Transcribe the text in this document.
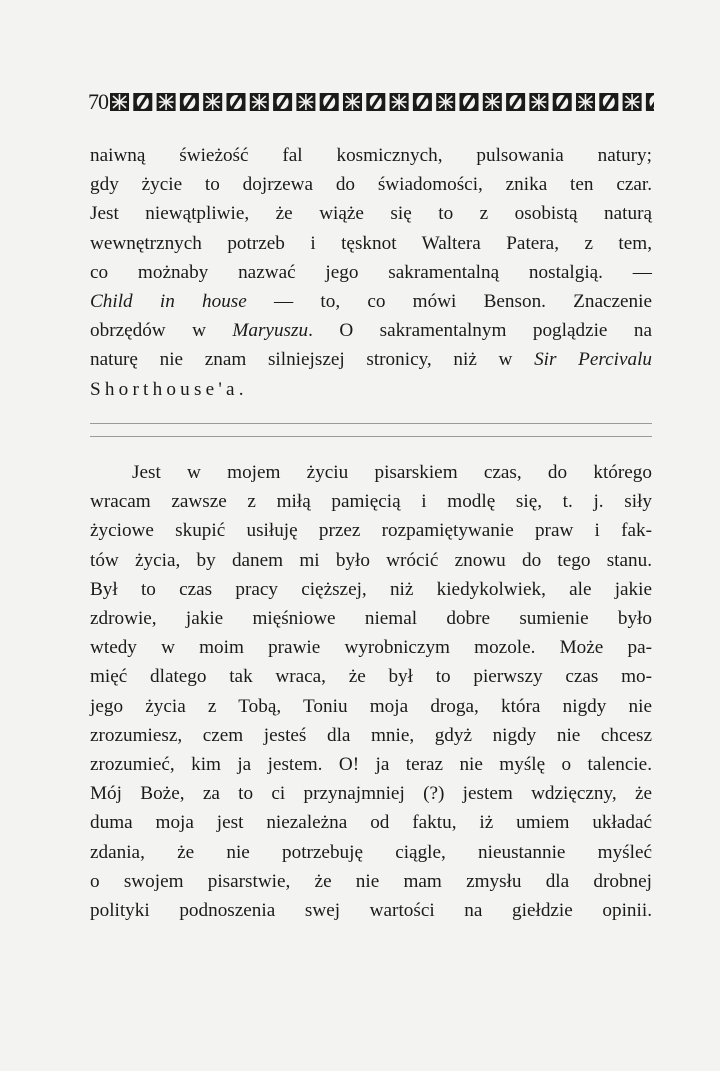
70
naiwną świeżość fal kosmicznych, pulsowania natury;
gdy życie to dojrzewa do świadomości, znika ten czar.
Jest niewątpliwie, że wiąże się to z osobistą naturą
wewnętrznych potrzeb i tęsknot Waltera Patera, z tem,
co możnaby nazwać jego sakramentalną nostalgią. —
Child in house — to, co mówi Benson. Znaczenie
obrzędów w Maryuszu. O sakramentalnym poglądzie na
naturę nie znam silniejszej stronicy, niż w Sir Percivalu
Shorthouse'a.
Jest w mojem życiu pisarskiem czas, do którego
wracam zawsze z miłą pamięcią i modlę się, t. j. siły
życiowe skupić usiłuję przez rozpamiętywanie praw i fak-
tów życia, by danem mi było wrócić znowu do tego stanu.
Był to czas pracy cięższej, niż kiedykolwiek, ale jakie
zdrowie, jakie mięśniowe niemal dobre sumienie było
wtedy w moim prawie wyrobniczym mozole. Może pa-
mięć dlatego tak wraca, że był to pierwszy czas mo-
jego życia z Tobą, Toniu moja droga, która nigdy nie
zrozumiesz, czem jesteś dla mnie, gdyż nigdy nie chcesz
zrozumieć, kim ja jestem. O! ja teraz nie myślę o talencie.
Mój Boże, za to ci przynajmniej (?) jestem wdzięczny, że
duma moja jest niezależna od faktu, iż umiem układać
zdania, że nie potrzebuję ciągle, nieustannie myśleć
o swojem pisarstwie, że nie mam zmysłu dla drobnej
polityki podnoszenia swej wartości na giełdzie opinii.
